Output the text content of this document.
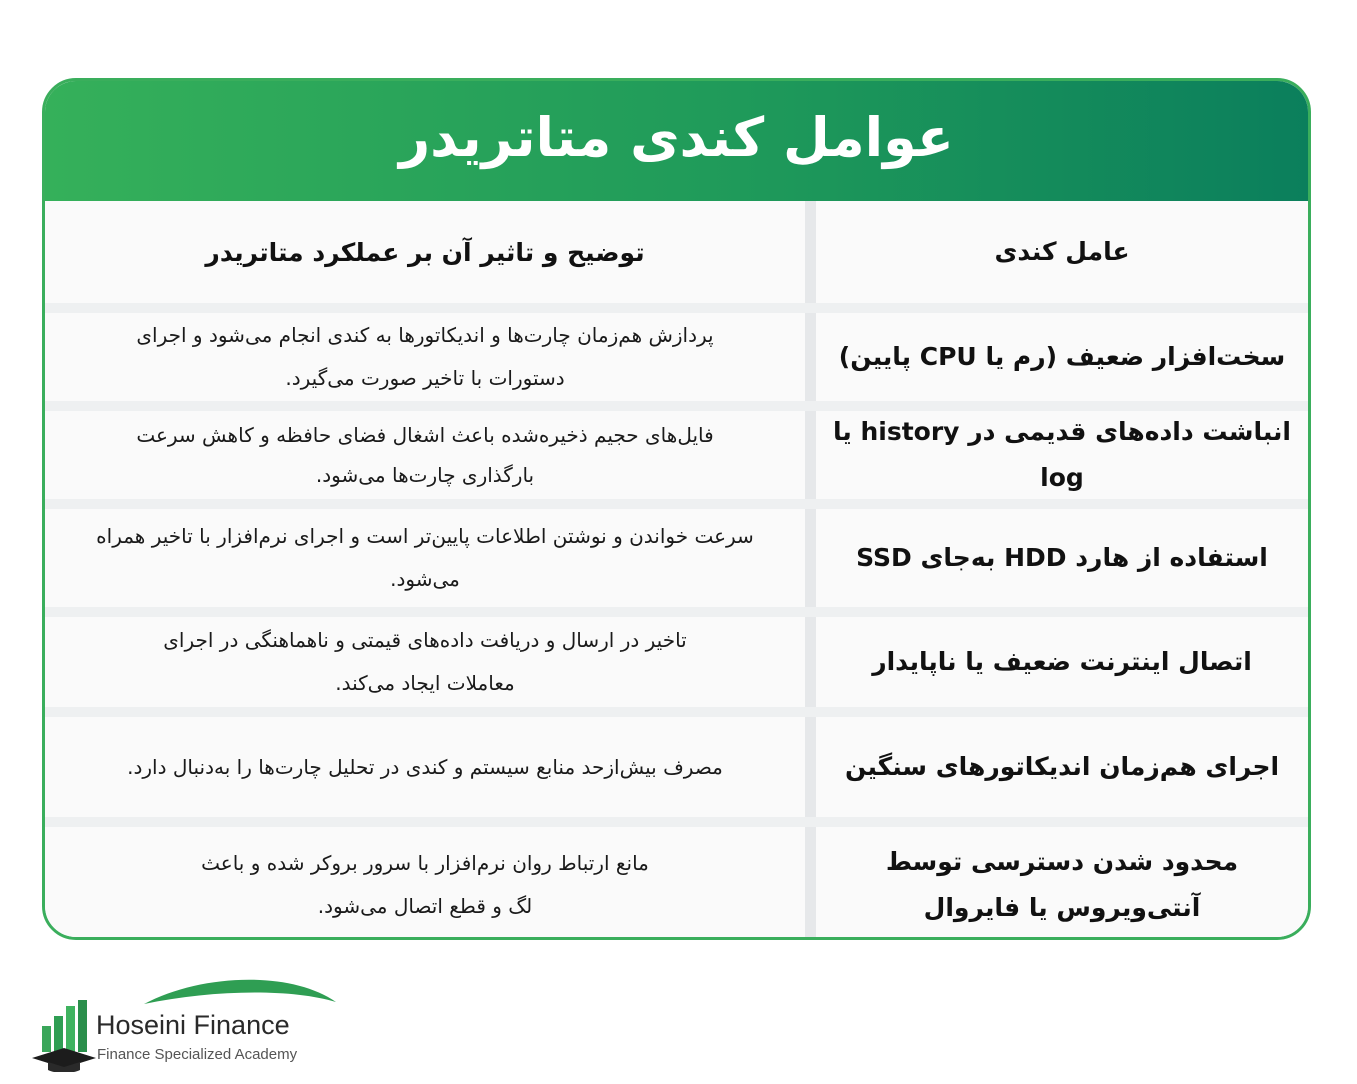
عوامل کندی متاتریدر
عامل کندی
توضیح و تاثیر آن بر عملکرد متاتریدر
سخت‌افزار ضعیف (رم یا CPU پایین)
پردازش هم‌زمان چارت‌ها و اندیکاتورها به کندی انجام می‌شود و اجرای
دستورات با تاخیر صورت می‌گیرد.
انباشت داده‌های قدیمی در history یا log
فایل‌های حجیم ذخیره‌شده باعث اشغال فضای حافظه و کاهش سرعت
بارگذاری چارت‌ها می‌شود.
استفاده از هارد HDD به‌جای SSD
سرعت خواندن و نوشتن اطلاعات پایین‌تر است و اجرای نرم‌افزار با تاخیر همراه می‌شود.
اتصال اینترنت ضعیف یا ناپایدار
تاخیر در ارسال و دریافت داده‌های قیمتی و ناهماهنگی در اجرای
معاملات ایجاد می‌کند.
اجرای هم‌زمان اندیکاتورهای سنگین
مصرف بیش‌ازحد منابع سیستم و کندی در تحلیل چارت‌ها را به‌دنبال دارد.
محدود شدن دسترسی توسط
آنتی‌ویروس یا فایروال
مانع ارتباط روان نرم‌افزار با سرور بروکر شده و باعث
لگ و قطع اتصال می‌شود.
Hoseini Finance
Finance Specialized Academy
